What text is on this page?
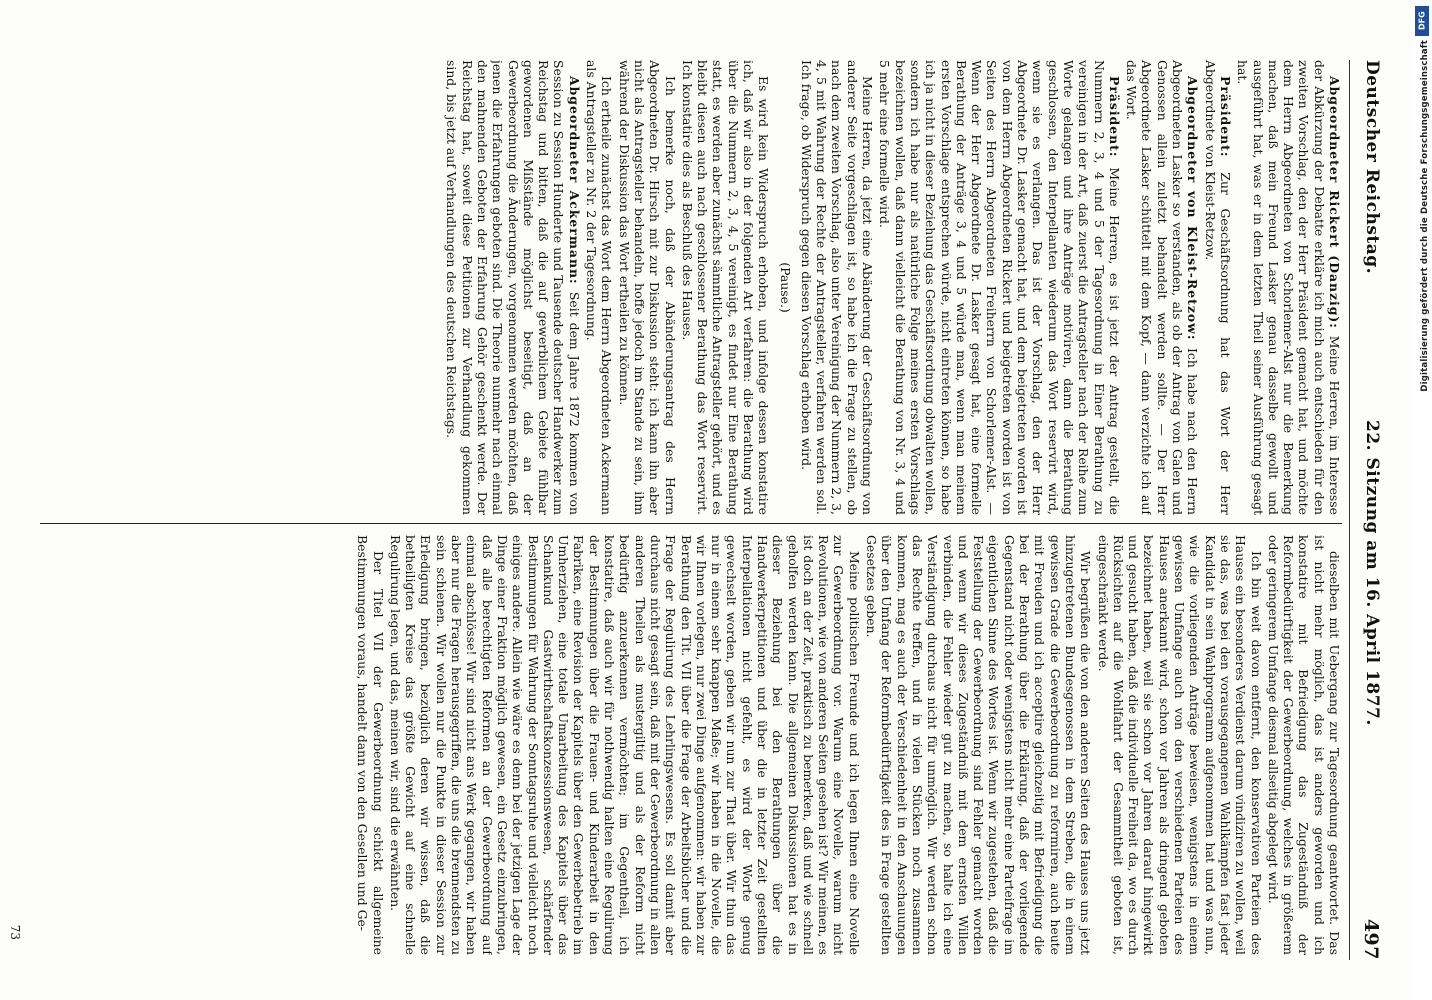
Deutscher Reichstag.
22. Sitzung am 16. April 1877.
497

Abgeordneter Rickert (Danzig): Meine Herren, im Interesse der Abkürzung der Debatte erkläre ich mich auch entschieden für den zweiten Vorschlag, den der Herr Präsident gemacht hat, und möchte dem Herrn Abgeordneten von Schorlemer-Alst nur die Bemerkung machen, daß mein Freund Lasker genau dasselbe gewollt und ausgeführt hat, was er in dem letzten Theil seiner Ausführung gesagt hat.

Präsident: Zur Geschäftsordnung hat das Wort der Herr Abgeordnete von Kleist-Retzow.

Abgeordneter von Kleist-Retzow: Ich habe nach den Herrn Abgeordneten Lasker so verstanden, als ob der Antrag von Galen und Genossen allein zuletzt behandelt werden sollte. — Der Herr Abgeordnete Lasker schüttelt mit dem Kopf, — dann verzichte ich auf das Wort.

Präsident: Meine Herren, es ist jetzt der Antrag gestellt, die Nummern 2, 3, 4 und 5 der Tagesordnung in Einer Berathung zu vereinigen in der Art, daß zuerst die Antragsteller nach der Reihe zum Worte gelangen und ihre Anträge motiviren, dann die Berathung geschlossen, den Interpellanten wiederum das Wort reservirt wird, wenn sie es verlangen. Das ist der Vorschlag, den der Herr Abgeordnete Dr. Lasker gemacht hat, und dem beigetreten worden ist von dem Herrn Abgeordneten Rickert und beigetreten worden ist von Seiten des Herrn Abgeordneten Freiherrn von Schorlemer-Alst. — Wenn der Herr Abgeordnete Dr. Lasker gesagt hat, eine formelle Berathung der Anträge 3, 4 und 5 würde man, wenn man meinem ersten Vorschlage entsprechen würde, nicht eintreten können, so habe ich ja nicht in dieser Beziehung das Geschäftsordnung obwalten wollen, sondern ich habe nur als natürliche Folge meines ersten Vorschlags bezeichnen wollen, daß dann vielleicht die Berathung von Nr. 3, 4 und 5 mehr eine formelle wird.

Meine Herren, da jetzt eine Abänderung der Geschäftsordnung von anderer Seite vorgeschlagen ist, so habe ich die Frage zu stellen, ob nach dem zweiten Vorschlag, also unter Vereinigung der Nummern 2, 3, 4, 5 mit Wahrung der Rechte der Antragsteller, verfahren werden soll. Ich frage, ob Widerspruch gegen diesen Vorschlag erhoben wird.

(Pause.)

Es wird kein Widerspruch erhoben, und infolge dessen konstatire ich, daß wir also in der folgenden Art verfahren: die Berathung wird über die Nummern 2, 3, 4, 5 vereinigt, es findet nur Eine Berathung statt, es werden aber zunächst sämmtliche Antragsteller gehört, und es bleibt diesen auch nach geschlossener Berathung das Wort reservirt. Ich konstatire dies als Beschluß des Hauses.

Ich bemerke noch, daß der Abänderungsantrag des Herrn Abgeordneten Dr. Hirsch mit zur Diskussion steht: ich kann ihn aber nicht als Antragsteller behandeln, hoffe jedoch im Stande zu sein, ihm während der Diskussion das Wort ertheilen zu können.

Ich ertheile zunächst das Wort dem Herrn Abgeordneten Ackermann als Antragsteller zu Nr. 2 der Tagesordnung.

Abgeordneter Ackermann: Seit dem Jahre 1872 kommen von Session zu Session Hunderte und Tausende deutscher Handwerker zum Reichstag und bitten, daß die auf gewerblichem Gebiete fühlbar gewordenen Mißstände möglichst beseitigt, daß an der Gewerbeordnung die Änderungen, vorgenommen werden möchten, daß jenen die Erfahrungen geboten sind. Die Theorie nunmehr nach einmal den mahnenden Geboten der Erfahrung Gehör geschenkt werde. Der Reichstag hat, soweit diese Petitionen zur Verhandlung gekommen sind, bis jetzt auf Verhandlungen des deutschen Reichstags.

dieselben mit Uebergang zur Tagesordnung geantwortet. Das ist nicht mehr möglich, das ist anders geworden und ich konstatire mit Befriedigung das Zugeständniß der Reformbedürftigkeit der Gewerbeordnung, welches in größerem oder geringerem Umfange diesmal allseitig abgelegt wird.

Ich bin weit davon entfernt, den konservativen Parteien des Hauses ein besonderes Verdienst darum vindiziren zu wollen, weil sie das, was bei den vorausgegangenen Wahlkämpfen fast jeder Kandidat in sein Wahlprogramm aufgenommen hat und was nun, wie die vorliegenden Anträge beweisen, wenigstens in einem gewissen Umfange auch von den verschiedenen Parteien des Hauses anerkannt wird, schon vor Jahren als dringend geboten bezeichnet haben, weil sie schon vor Jahren darauf hingewirkt und gesucht haben, daß die individuelle Freiheit da, wo es durch Rücksichten auf die Wohlfahrt der Gesammtheit geboten ist, eingeschränkt werde.

Wir begrüßen die von den anderen Seiten des Hauses uns jetzt hinzugetretenen Bundesgenossen in dem Streben, die in einem gewissen Grade die Gewerbeordnung zu reformiren, auch heute mit Freuden und ich acceptire gleichzeitig mit Befriedigung die bei der Berathung über die Erklärung, daß der vorliegende Gegenstand nicht oder wenigstens nicht mehr eine Parteifrage im eigentlichen Sinne des Wortes ist. Wenn wir zugestehen, daß die Feststellung der Gewerbeordnung sind Fehler gemacht worden und wenn wir dieses Zugeständniß mit dem ernsten Willen verbinden, die Fehler wieder gut zu machen, so halte ich eine Verständigung durchaus nicht für unmöglich. Wir werden schon das Rechte treffen, und in vielen Stücken noch zusammen kommen, mag es auch der Verschiedenheit in den Anschauungen über den Umfang der Reformbedürftigkeit des in Frage gestellten Gesetzes geben.

Meine politischen Freunde und ich legen Ihnen eine Novelle zur Gewerbeordnung vor. Warum eine Novelle, warum nicht Revolutionen, wie von anderen Seiten gesehen ist? Wir meinen, es ist doch an der Zeit, praktisch zu bemerken, daß und wie schnell geholfen werden kann. Die allgemeinen Diskussionen hat es in dieser Beziehung bei den Berathungen über die Handwerkerpetitionen und über die in letzter Zeit gestellten Interpellationen nicht gefehlt, es wird der Worte genug gewechselt worden, geben wir nun zur That über. Wir thun das nur in einem sehr knappen Maße; wir haben in die Novelle, die wir Ihnen vorlegen, nur zwei Dinge aufgenommen: wir haben zur Berathung den Tit. VII über die Frage der Arbeitsbücher und die Frage der Regulirung des Lehrlingswesens. Es soll damit aber durchaus nicht gesagt sein, daß mit der Gewerbeordnung in allen anderen Theilen als mustergiltig und als der Reform nicht bedürftig anzuerkennen vermöchten; im Gegentheil, ich konstatire, daß auch wir für nothwendig halten eine Regulirung der Bestimmungen über die Frauen- und Kinderarbeit in den Fabriken, eine Revision der Kapitels über den Gewerbebetrieb im Umherziehen, eine totale Umarbeitung des Kapitels über das Schankund Gastwirthschaftskonzessionswesen, schärfender Bestimmungen für Wahrung der Sonntagsruhe und vielleicht noch einiges andere. Allein wie wäre es denn bei der jetzigen Lage der Dinge einer Fraktion möglich gewesen, ein Gesetz einzubringen, daß alle berechtigten Reformen an der Gewerbeordnung auf einmal abschlösse! Wir sind nicht ans Werk gegangen, wir haben aber nur die Fragen herausgegriffen, die uns die brennendsten zu sein schienen. Wir wollen nur die Punkte in dieser Session zur Erledigung bringen, bezüglich deren wir wissen, daß die betheiligten Kreise das größte Gewicht auf eine schnelle Regulirung legen, und das, meinen wir, sind die erwähnten.

Der Titel VII der Gewerbeordnung schickt allgemeine Bestimmungen voraus, handelt dann von den Gesellen und Ge-

73
DFG
Digitalisierung gefördert durch die Deutsche Forschungsgemeinschaft
